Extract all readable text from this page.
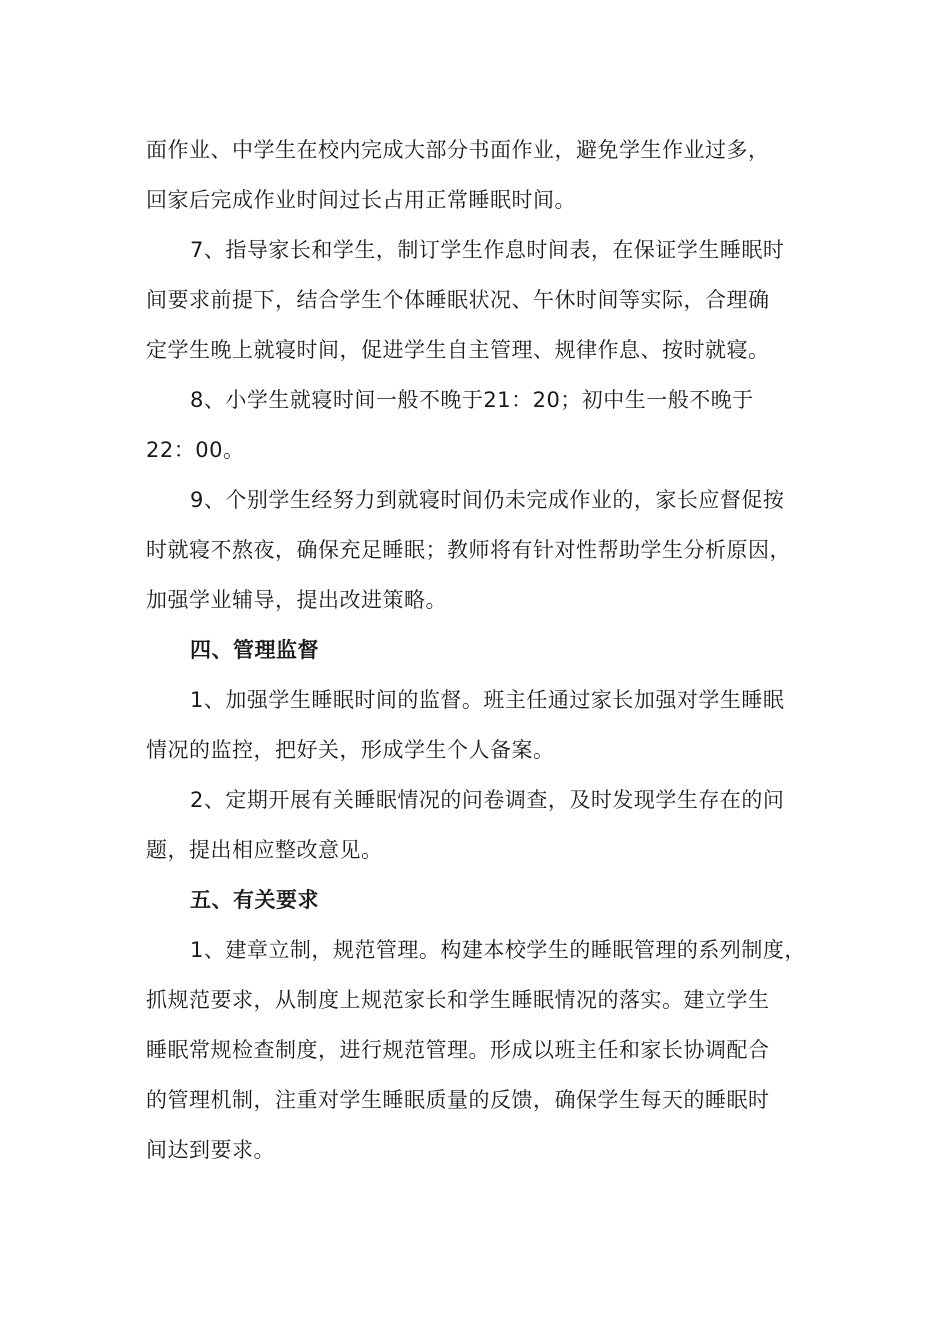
面作业、中学生在校内完成大部分书面作业，避免学生作业过多，
回家后完成作业时间过长占用正常睡眠时间。
7、指导家长和学生，制订学生作息时间表，在保证学生睡眠时
间要求前提下，结合学生个体睡眠状况、午休时间等实际，合理确
定学生晚上就寝时间，促进学生自主管理、规律作息、按时就寝。
8、小学生就寝时间一般不晚于21：20；初中生一般不晚于
22：00。
9、个别学生经努力到就寝时间仍未完成作业的，家长应督促按
时就寝不熬夜，确保充足睡眠；教师将有针对性帮助学生分析原因，
加强学业辅导，提出改进策略。
四、管理监督
1、加强学生睡眠时间的监督。班主任通过家长加强对学生睡眠
情况的监控，把好关，形成学生个人备案。
2、定期开展有关睡眠情况的问卷调查，及时发现学生存在的问
题，提出相应整改意见。
五、有关要求
1、建章立制，规范管理。构建本校学生的睡眠管理的系列制度，
抓规范要求，从制度上规范家长和学生睡眠情况的落实。建立学生
睡眠常规检查制度，进行规范管理。形成以班主任和家长协调配合
的管理机制，注重对学生睡眠质量的反馈，确保学生每天的睡眠时
间达到要求。
